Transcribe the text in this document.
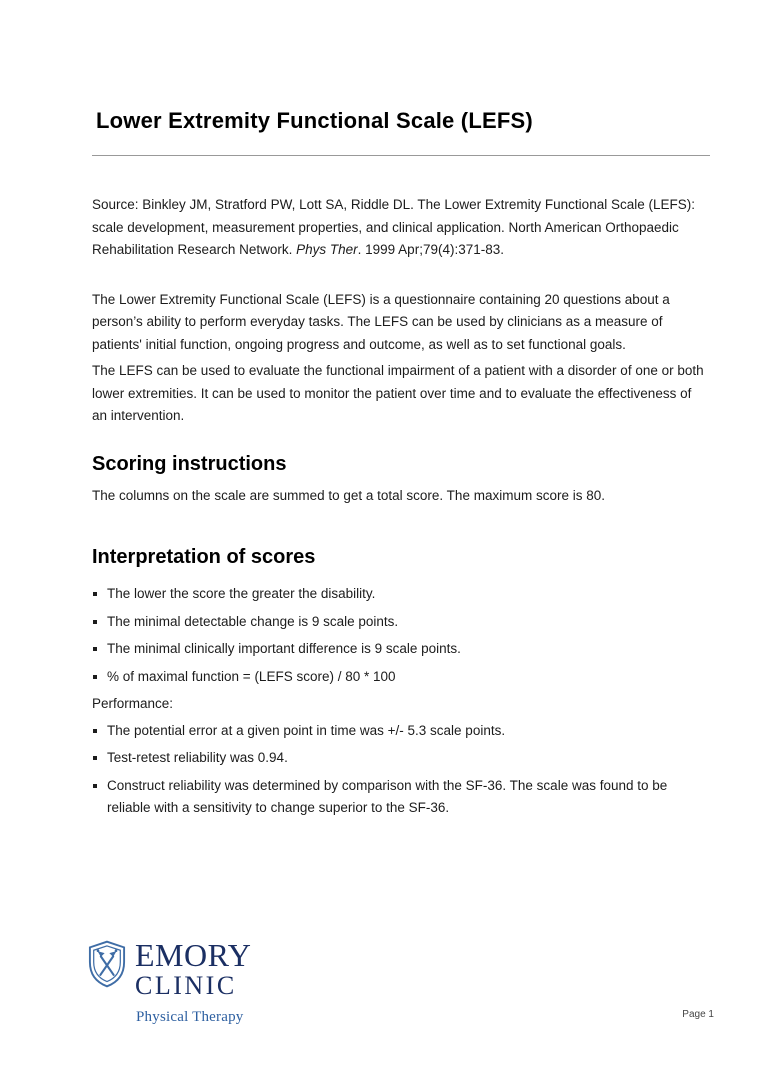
Lower Extremity Functional Scale (LEFS)

Source: Binkley JM, Stratford PW, Lott SA, Riddle DL. The Lower Extremity Functional Scale (LEFS): scale development, measurement properties, and clinical application. North American Orthopaedic Rehabilitation Research Network. Phys Ther. 1999 Apr;79(4):371-83.

The Lower Extremity Functional Scale (LEFS) is a questionnaire containing 20 questions about a person’s ability to perform everyday tasks. The LEFS can be used by clinicians as a measure of patients' initial function, ongoing progress and outcome, as well as to set functional goals.

The LEFS can be used to evaluate the functional impairment of a patient with a disorder of one or both lower extremities. It can be used to monitor the patient over time and to evaluate the effectiveness of an intervention.

Scoring instructions

The columns on the scale are summed to get a total score. The maximum score is 80.

Interpretation of scores
The lower the score the greater the disability.
The minimal detectable change is 9 scale points.
The minimal clinically important difference is 9 scale points.
% of maximal function = (LEFS score) / 80 * 100

Performance:

The potential error at a given point in time was +/- 5.3 scale points.
Test-retest reliability was 0.94.
Construct reliability was determined by comparison with the SF-36. The scale was found to be reliable with a sensitivity to change superior to the SF-36.
EMORY
CLINIC
Physical Therapy	Page 1
